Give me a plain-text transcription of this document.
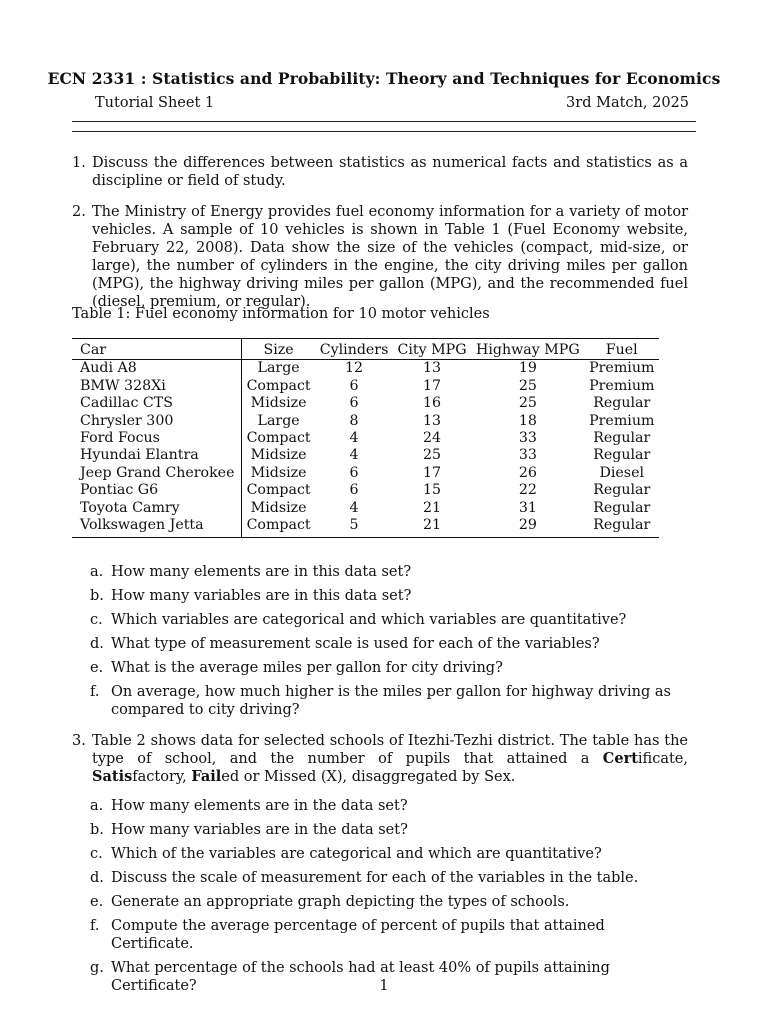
ECN 2331 : Statistics and Probability: Theory and Techniques for Economics
Tutorial Sheet 1	3rd Match, 2025
1. Discuss the differences between statistics as numerical facts and statistics as a discipline or field of study.
2. The Ministry of Energy provides fuel economy information for a variety of motor vehicles. A sample of 10 vehicles is shown in Table 1 (Fuel Economy website, February 22, 2008). Data show the size of the vehicles (compact, mid-size, or large), the number of cylinders in the engine, the city driving miles per gallon (MPG), the highway driving miles per gallon (MPG), and the recommended fuel (diesel, premium, or regular).
Table 1: Fuel economy information for 10 motor vehicles
Car	Size	Cylinders	City MPG	Highway MPG	Fuel
Audi A8	Large	12	13	19	Premium
BMW 328Xi	Compact	6	17	25	Premium
Cadillac CTS	Midsize	6	16	25	Regular
Chrysler 300	Large	8	13	18	Premium
Ford Focus	Compact	4	24	33	Regular
Hyundai Elantra	Midsize	4	25	33	Regular
Jeep Grand Cherokee	Midsize	6	17	26	Diesel
Pontiac G6	Compact	6	15	22	Regular
Toyota Camry	Midsize	4	21	31	Regular
Volkswagen Jetta	Compact	5	21	29	Regular
a. How many elements are in this data set?
b. How many variables are in this data set?
c. Which variables are categorical and which variables are quantitative?
d. What type of measurement scale is used for each of the variables?
e. What is the average miles per gallon for city driving?
f. On average, how much higher is the miles per gallon for highway driving as compared to city driving?
3. Table 2 shows data for selected schools of Itezhi-Tezhi district. The table has the type of school, and the number of pupils that attained a Certificate, Satisfactory, Failed or Missed (X), disaggregated by Sex.
a. How many elements are in the data set?
b. How many variables are in the data set?
c. Which of the variables are categorical and which are quantitative?
d. Discuss the scale of measurement for each of the variables in the table.
e. Generate an appropriate graph depicting the types of schools.
f. Compute the average percentage of percent of pupils that attained Certificate.
g. What percentage of the schools had at least 40% of pupils attaining Certificate?	1
